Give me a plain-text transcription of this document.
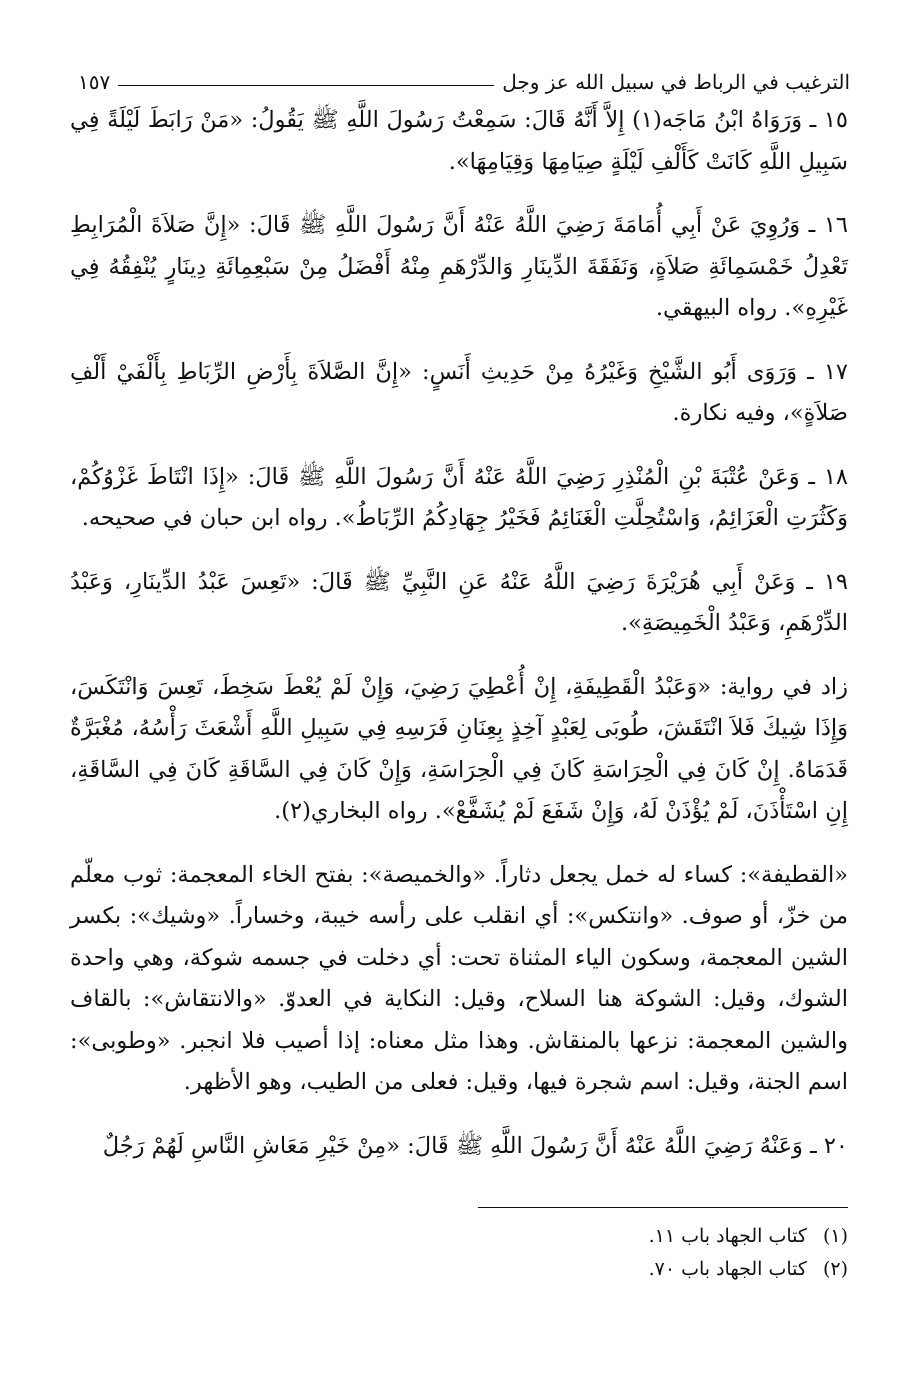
الترغيب في الرباط في سبيل الله عز وجل
١٥٧

١٥ ـ وَرَوَاهُ ابْنُ مَاجَه(١) إِلاَّ أَنَّهُ قَالَ: سَمِعْتُ رَسُولَ اللَّهِ ﷺ يَقُولُ: «مَنْ رَابَطَ لَيْلَةً فِي سَبِيلِ اللَّهِ كَانَتْ كَأَلْفِ لَيْلَةٍ صِيَامِهَا وَقِيَامِهَا».

١٦ ـ وَرُوِيَ عَنْ أَبِي أُمَامَةَ رَضِيَ اللَّهُ عَنْهُ أَنَّ رَسُولَ اللَّهِ ﷺ قَالَ: «إِنَّ صَلاَةَ الْمُرَابِطِ تَعْدِلُ خَمْسَمِائَةِ صَلاَةٍ، وَنَفَقَةَ الدِّينَارِ وَالدِّرْهَمِ مِنْهُ أَفْضَلُ مِنْ سَبْعِمِائَةِ دِينَارٍ يُنْفِقُهُ فِي غَيْرِهِ». رواه البيهقي.

١٧ ـ وَرَوَى أَبُو الشَّيْخِ وَغَيْرُهُ مِنْ حَدِيثِ أَنَسٍ: «إِنَّ الصَّلاَةَ بِأَرْضِ الرِّبَاطِ بِأَلْفَيْ أَلْفِ صَلاَةٍ»، وفيه نكارة.

١٨ ـ وَعَنْ عُتْبَةَ بْنِ الْمُنْذِرِ رَضِيَ اللَّهُ عَنْهُ أَنَّ رَسُولَ اللَّهِ ﷺ قَالَ: «إِذَا انْتَاطَ غَزْوُكُمْ، وَكَثُرَتِ الْعَزَائِمُ، وَاسْتُحِلَّتِ الْغَنَائِمُ فَخَيْرُ جِهَادِكُمُ الرِّبَاطُ». رواه ابن حبان في صحيحه.

١٩ ـ وَعَنْ أَبِي هُرَيْرَةَ رَضِيَ اللَّهُ عَنْهُ عَنِ النَّبِيِّ ﷺ قَالَ: «تَعِسَ عَبْدُ الدِّينَارِ، وَعَبْدُ الدِّرْهَمِ، وَعَبْدُ الْخَمِيصَةِ».

زاد في رواية: «وَعَبْدُ الْقَطِيفَةِ، إِنْ أُعْطِيَ رَضِيَ، وَإِنْ لَمْ يُعْطَ سَخِطَ، تَعِسَ وَانْتَكَسَ، وَإِذَا شِيكَ فَلاَ انْتَقَشَ، طُوبَى لِعَبْدٍ آخِذٍ بِعِنَانِ فَرَسِهِ فِي سَبِيلِ اللَّهِ أَشْعَثَ رَأْسُهُ، مُغْبَرَّةٌ قَدَمَاهُ. إِنْ كَانَ فِي الْحِرَاسَةِ كَانَ فِي الْحِرَاسَةِ، وَإِنْ كَانَ فِي السَّاقَةِ كَانَ فِي السَّاقَةِ، إِنِ اسْتَأْذَنَ، لَمْ يُؤْذَنْ لَهُ، وَإِنْ شَفَعَ لَمْ يُشَفَّعْ». رواه البخاري(٢).

«القطيفة»: كساء له خمل يجعل دثاراً. «والخميصة»: بفتح الخاء المعجمة: ثوب معلّم من خزّ، أو صوف. «وانتكس»: أي انقلب على رأسه خيبة، وخساراً. «وشيك»: بكسر الشين المعجمة، وسكون الياء المثناة تحت: أي دخلت في جسمه شوكة، وهي واحدة الشوك، وقيل: الشوكة هنا السلاح، وقيل: النكاية في العدوّ. «والانتقاش»: بالقاف والشين المعجمة: نزعها بالمنقاش. وهذا مثل معناه: إذا أصيب فلا انجبر. «وطوبى»: اسم الجنة، وقيل: اسم شجرة فيها، وقيل: فعلى من الطيب، وهو الأظهر.

٢٠ ـ وَعَنْهُ رَضِيَ اللَّهُ عَنْهُ أَنَّ رَسُولَ اللَّهِ ﷺ قَالَ: «مِنْ خَيْرِ مَعَاشِ النَّاسِ لَهُمْ رَجُلٌ

(١)
كتاب الجهاد باب ١١.
(٢)
كتاب الجهاد باب ٧٠.
